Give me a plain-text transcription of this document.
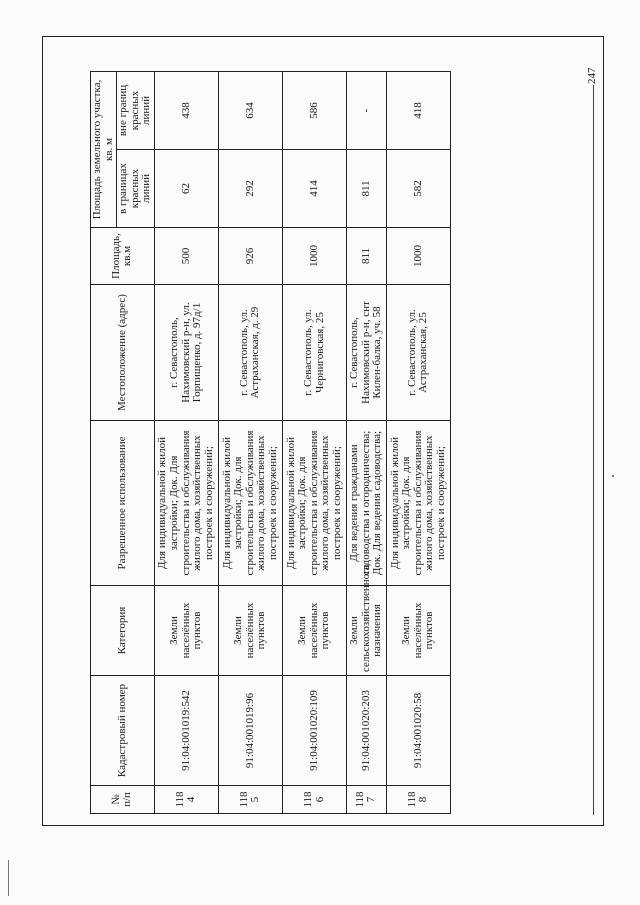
247
№ п/п	Кадастровый номер	Категория	Разрешенное использование	Местоположение (адрес)	Площадь, кв.м	Площадь земельного участка, кв. м	
						в границах красных линий	вне границ красных линий
118 4	91:04:001019:542	Земли населённых пунктов	Для индивидуальной жилой застройки; Док. Для строительства и обслуживания жилого дома, хозяйственных построек и сооружений;	г. Севастополь, Нахимовский р-н, ул. Горпищенко, д. 97д/1	500	62	438
118 5	91:04:001019:96	Земли населённых пунктов	Для индивидуальной жилой застройки; Док. для строительства и обслуживания жилого дома, хозяйственных построек и сооружений;	г. Севастополь, ул. Астраханская, д. 29	926	292	634
118 6	91:04:001020:109	Земли населённых пунктов	Для индивидуальной жилой застройки; Док. для строительства и обслуживания жилого дома, хозяйственных построек и сооружений;	г. Севастополь, ул. Черниговская, 25	1000	414	586
118 7	91:04:001020:203	Земли сельскохозяйственного назначения	Для ведения гражданами садоводства и огородничества; Док. Для ведения садоводства;	г. Севастополь, Нахимовский р-н, снт Килен-балка, уч. 58	811	811	-
118 8	91:04:001020:58	Земли населённых пунктов	Для индивидуальной жилой застройки; Док. для строительства и обслуживания жилого дома, хозяйственных построек и сооружений;	г. Севастополь, ул. Астраханская, 25	1000	582	418
